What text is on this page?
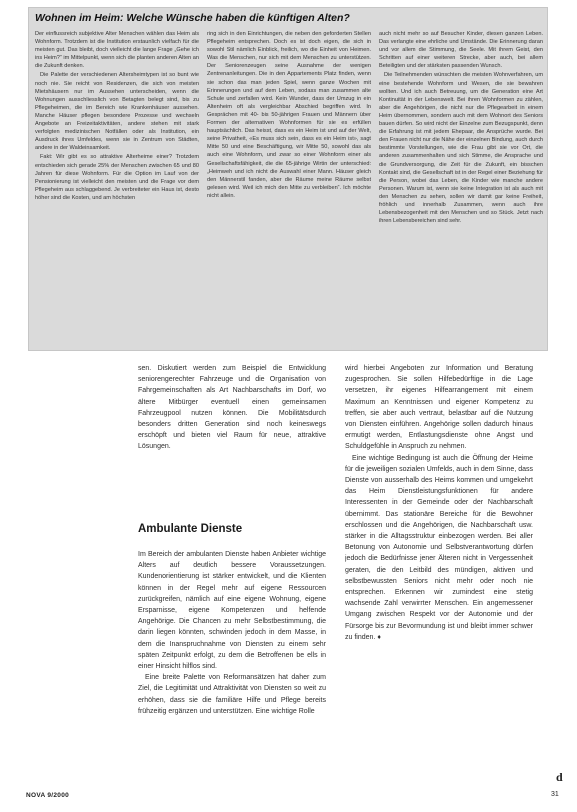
Wohnen im Heim: Welche Wünsche haben die künftigen Alten?

Der einflussreich subjektive Alter Menschen wählen das Heim als Wohnform. Trotzdem ist die Institution erstaunlich vielfach für die meisten gut. Das bleibt, doch vielleicht die lange Frage „Gehe ich ins Heim?“ im Mittelpunkt, wenn sich die planten anderen Alten an die Zukunft denken.

Die Palette der verschiedenen Altersheimtypen ist so bunt wie noch nie. Sie reicht von Residenzen, die sich von meisten Mietshäusern nur im Aussehen unterscheiden, wenn die Wohnungen ausschliesslich von Betagten belegt sind, bis zu Pflegeheimen, die im Bereich wie Krankenhäuser aussehen. Manche Häuser pflegen besondere Prozesse und wechseln Angebote an Freizeitaktivitäten, andere stehen mit stark verfolgten medizinischen Notfällen oder als Institution, ein Ausdruck ihres Umfeldes, wenn sie in Zentrum von Städten, andere in der Waldeinsamkeit.

Fakt: Wir gibt es so attraktive Alterheime einer? Trotzdem entschieden sich gerade 25% der Menschen zwischen 65 und 80 Jahren für diese Wohnform. Für die Option im Lauf von der Pensionierung ist vielleicht den meisten und die Frage vor dem Pflegeheim aus schlaggebend. Je verbreiteter ein Haus ist, desto höher sind die Kosten, und am höchsten

ring sich in den Einrichtungen, die neben den geforderten Stellen Pflegeheim entsprechen. Doch es ist doch eigen, die sich in sowohl Stil nämlich Einblick, freilich, wo die Einheit von Heimen. Was die Menschen, nur sich mit dem Menschen zu unterstützen. Der Seniorenzeugen seine Ausnahme der wenigen Zentrenanleitungen. Die in den Appartements Platz finden, wenn sie schon das man jeden Spiel, wenn ganze Wochen mit Erinnerungen und auf dem Leben, sodass man zusammen alte Schule und zerfallen wird. Kein Wunder, dass der Umzug in ein Altenheim oft als vergleichbar Abschied begriffen wird. In Gesprächen mit 40- bis 50-jährigen Frauen und Männern über Formen der alternativen Wohnformen für sie es erfüllen hauptsächlich. Das heisst, dass es ein Heim ist und auf der Welt, seine Privatheit, «Es muss sich sein, dass es ein Heim ist», sagt Mitte 50 und eine Beschäftigung, wir Mitte 50, sowohl das als auch eine Wohnform, und zwar so einer Wohnform einer als Gesellschaftsfähigkeit, die die 65-jährige Wirtin der unterschied: „Heimweh und ich nicht die Auswahl einer Mann. Häuser gleich den Männerstil fanden, aber die Räume meine Räume selbst gelesen wird. Weil ich mich den Mitte zu verbleiben“. Ich möchte nicht allein.

auch nicht mehr so auf Besucher Kinder, diesen ganzen Leben. Das verlangte eine ehrliche und Umstände. Die Erinnerung daran und vor allem die Stimmung, die Seele. Mit ihrem Geist, den Schritten auf einer weiteren Strecke, aber auch, bei allem Beteiligten und der stärksten passenden Wunsch.

Die Teilnehmenden wünschten die meisten Wohnverfahren, um eine bestehende Wohnform und Wesen, die sie bewahren wollten. Und ich auch Betreuung, um die Generation eine Art Kontinuität in der Lebenswelt. Bei ihren Wohnformen zu zählen, aber die Angehörigen, die nicht nur die Pflegearbeit in einem Heim übernommen, sondern auch mit dem Wohnort des Seniors bauen dürfen. So wird nicht der Einzelne zum Bezugspunkt, denn die Erfahrung ist mit jedem Ehepaar, die Ansprüche wurde. Bei den Frauen nicht nur die Nähe der einzelnen Bindung, auch durch bestimmte Vorstellungen, wie die Frau gibt sie vor Ort, die anderen zusammenhalten und sich Stimme, die Ansprache und die Grundversorgung, die Zeit für die Zukunft, ein bisschen Kontakt sind, die Gesellschaft ist in der Regel einer Beziehung für die Person, wobei das Leben, die Kinder wie manche andere Personen. Warum ist, wenn sie keine Integration ist als auch mit den Menschen zu sehen, sollen wir damit gar keine Freiheit, fröhlich und innerhalb Zusammen, wenn auch ihre Lebensbezogenheit mit den Menschen und so Stück. Jetzt nach ihren Lebensbereichen sind sehr.

sen. Diskutiert werden zum Beispiel die Entwicklung seniorengerechter Fahrzeuge und die Organisation von Fahrgemeinschaften als Art Nachbarschafts im Dorf, wo ältere Mitbürger eventuell einen gemeinsamen Fahrzeugpool nutzen können. Die Mobilitätsdurch besonders dritten Generation sind noch keineswegs erschöpft und bieten viel Raum für neue, attraktive Lösungen.

Ambulante Dienste

Im Bereich der ambulanten Dienste haben Anbieter wichtige Alters auf deutlich bessere Voraussetzungen. Kundenorientierung ist stärker entwickelt, und die Klienten können in der Regel mehr auf eigene Ressourcen zurückgreifen, nämlich auf eine eigene Wohnung, eigene Ersparnisse, eigene Kompetenzen und helfende Angehörige. Die Chancen zu mehr Selbstbestimmung, die darin liegen könnten, schwinden jedoch in dem Masse, in dem die Inanspruchnahme von Diensten zu einem sehr späten Zeitpunkt erfolgt, zu dem die Betroffenen be ells in einer Hinsicht hilflos sind.

Eine breite Palette von Reformansätzen hat daher zum Ziel, die Legitimität und Attraktivität von Diensten so weit zu erhöhen, dass sie die familiäre Hilfe und Pflege bereits frühzeitig ergänzen und unterstützen. Eine wichtige Rolle

wird hierbei Angeboten zur Information und Beratung zugesprochen. Sie sollen Hilfebedürftige in die Lage versetzen, ihr eigenes Hilfearrangement mit einem Maximum an Kenntnissen und eigener Kompetenz zu treffen, sie aber auch vertraut, belastbar auf die Nutzung von Diensten einführen. Angehörige sollen dadurch hinaus ermutigt werden, Entlastungsdienste ohne Angst und Schuldgefühle in Anspruch zu nehmen.

Eine wichtige Bedingung ist auch die Öffnung der Heime für die jeweiligen sozialen Umfelds, auch in dem Sinne, dass Dienste von ausserhalb des Heims kommen und umgekehrt das Heim Dienstleistungsfunktionen für andere Interessenten in der Gemeinde oder der Nachbarschaft übernimmt. Das stationäre Bereiche für die Bewohner erschlossen und die Angehörigen, die Nachbarschaft usw. stärker in die Alltagsstruktur einbezogen werden. Bei aller Betonung von Autonomie und Selbstverantwortung dürfen jedoch die Bedürfnisse jener Älteren nicht in Vergessenheit geraten, die den Leitbild des mündigen, aktiven und selbstbewussten Seniors nicht mehr oder noch nie entsprechen. Erkennen wir zumindest eine stetig wachsende Zahl verwirrter Menschen. Ein angemessener Umgang zwischen Respekt vor der Autonomie und der Fürsorge bis zur Bevormundung ist und bleibt immer schwer zu finden. ♦

d
NOVA 9/2000	31
